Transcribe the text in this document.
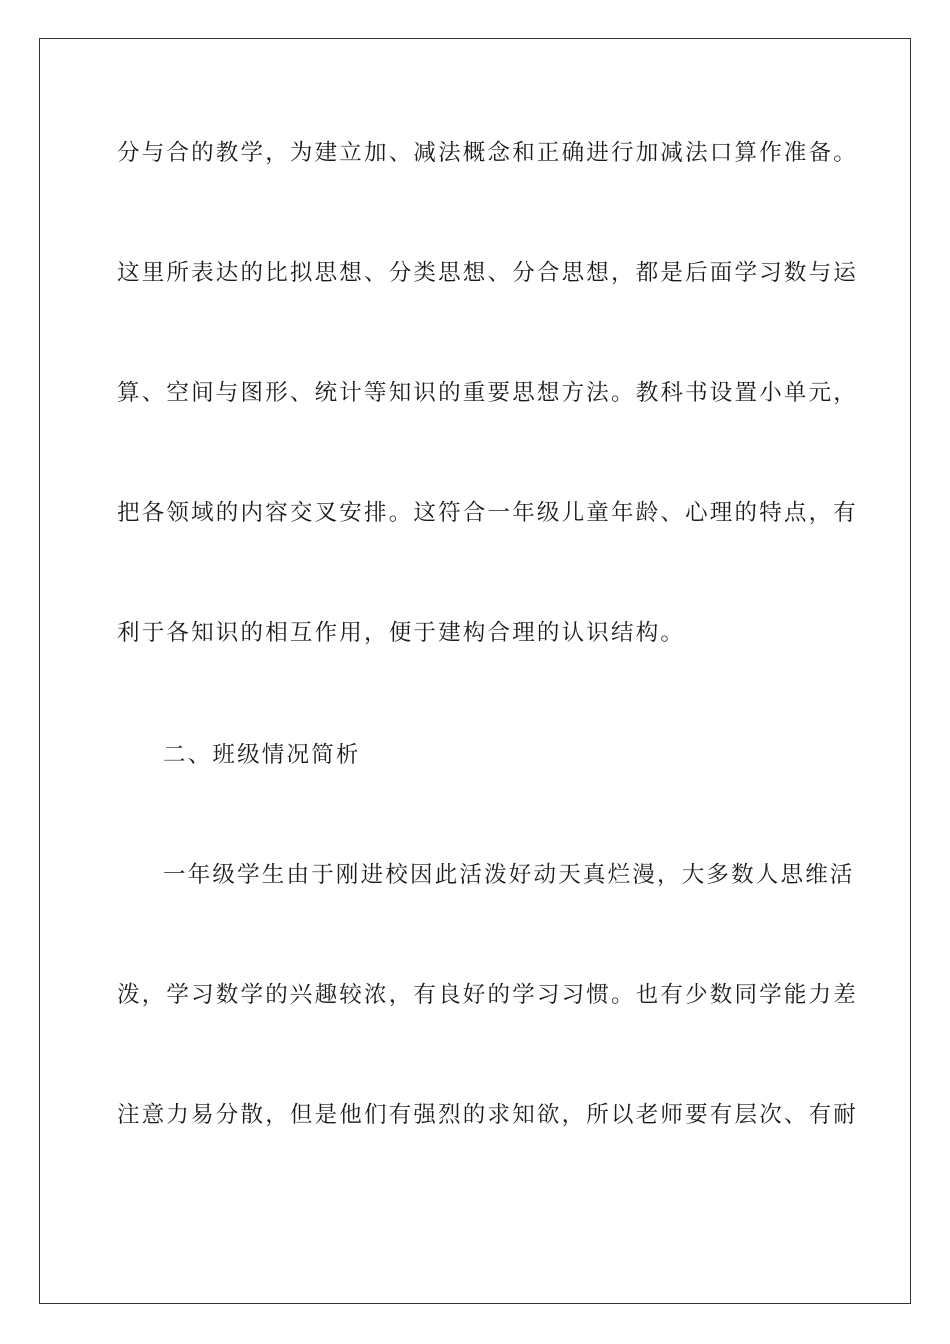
分与合的教学，为建立加、减法概念和正确进行加减法口算作准备。
这里所表达的比拟思想、分类思想、分合思想，都是后面学习数与运
算、空间与图形、统计等知识的重要思想方法。教科书设置小单元，
把各领域的内容交叉安排。这符合一年级儿童年龄、心理的特点，有
利于各知识的相互作用，便于建构合理的认识结构。
二、班级情况简析
一年级学生由于刚进校因此活泼好动天真烂漫，大多数人思维活
泼，学习数学的兴趣较浓，有良好的学习习惯。也有少数同学能力差
注意力易分散，但是他们有强烈的求知欲，所以老师要有层次、有耐
